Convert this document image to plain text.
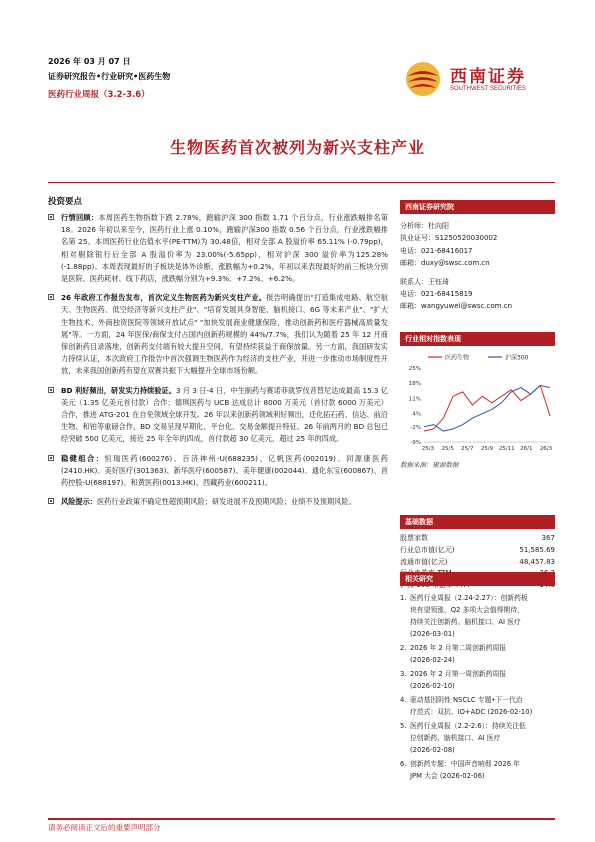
2026 年 03 月 07 日
证券研究报告•行业研究•医药生物
医药行业周报（3.2-3.6）
西南证券
SOUTHWEST SECURITIES
生物医药首次被列为新兴支柱产业
投资要点
行情回顾：本周医药生物指数下跌 2.78%，跑输沪深 300 指数 1.71 个百分点，行业涨跌幅排名第 18。2026 年初以来至今，医药行业上涨 0.10%，跑输沪深300 指数 0.56 个百分点，行业涨跌幅排名第 25。本周医药行业估值水平(PE-TTM)为 30.48倍，相对全部 A 股溢价率 65.11% (-0.79pp)，相对剔除银行后全部 A 股溢价率为 23.00%(-5.65pp)，相对沪深 300 溢价率为125.28%(-1.88pp)。本周表现最好的子板块是体外诊断，涨跌幅为+0.2%，年初以来表现最好的前三板块分别是医院、医药耗材、线下药店，涨跌幅分别为+9.3%、+7.2%、+6.2%。
26 年政府工作报告发布，首次定义生物医药为新兴支柱产业。报告明确提出"打造集成电路、航空航天、生物医药、低空经济等新兴支柱产业"、"培育发展具身智能、脑机接口、6G 等未来产业"、"扩大生物技术、外商独资医院等领域开放试点" "加快发展商业健康保险，推动创新药和医疗器械高质量发展"等。一方面，24 年医保/商保支付占国内创新药规模的 44%/7.7%，我们认为随着 25 年 12 月商保创新药目录落地，创新药支付端有较大提升空间，有望持续获益于商保放量。另一方面，我国研发实力持续认证，本次政府工作报告中首次强调生物医药作为经济的支柱产业，并进一步推动市场制度性开放，未来我国创新药有望在双赛共振下大幅提升全球市场份额。
BD 利好频出，研发实力持续验证。3 月 3 日-4 日，中生制药与赛诺菲就罗伐昔替尼达成最高 15.3 亿美元（1.35 亿美元首付款）合作；德琪医药与 UCB 达成总计 8000 万美元（首付款 6000 万美元）合作，推进 ATG-201 在自免领域全球开发。26 年以来创新药领域利好频出，迁化拓石药、信达、前沿生物、和铂等重磅合作，BD 交易呈现早期化、平台化、交易金额提升特征。26 年前两月的 BD 总包已经突破 500 亿美元，接近 25 年全年的四成，首付款超 30 亿美元，超过 25 年的四成。
稳健组合：恒瑞医药(600276)、百济神州-U(688235)、亿帆医药(002019)、同源康医药(2410.HK)、美好医疗(301363)、新华医疗(600587)、美年健康(002044)、通化东宝(600867)、首药控股-U(688197)、和黄医药(0013.HK)、西藏药业(600211)。
风险提示：医药行业政策不确定性超预期风险；研发进展不及预期风险；业绩不及预期风险。
西南证券研究院
分析师：杜向阳
执业证号：S1250520030002
电话：021-68416017
邮箱：duxy@swsc.com.cn
联系人：王钰琦
电话：021-68415819
邮箱：wangyuwei@swsc.com.cn
行业相对指数表现
医药生物	沪深300
25%
18%
11%
4%
-2%
-9%
25/3 25/5 25/7 25/9 25/11 26/1 26/3
数据来源：聚源数据
基础数据
股票家数	367
行业总市值(亿元)	51,585.69
流通市值(亿元)	48,457.83
相关研究
1. 医药行业周报（2.24-2.27）：创新药板
块有望领涨，Q2 多项大会值得期待，
持续关注创新药、脑机接口、AI 医疗
(2026-03-01)
2. 2026 年 2 月第二周创新药周报
(2026-02-24)
3. 2026 年 2 月第一周创新药周报
(2026-02-10)
4. 驱动基因阴性 NSCLC 专题•下一代治
疗范式：双抗、IO+ADC (2026-02-10)
5. 医药行业周报（2.2-2.6）：持续关注低
位创新药、脑机接口、AI 医疗
(2026-02-08)
6. 创新药专题：中国声音响彻 2026 年
JPM 大会 (2026-02-06)
请务必阅读正文后的重要声明部分
